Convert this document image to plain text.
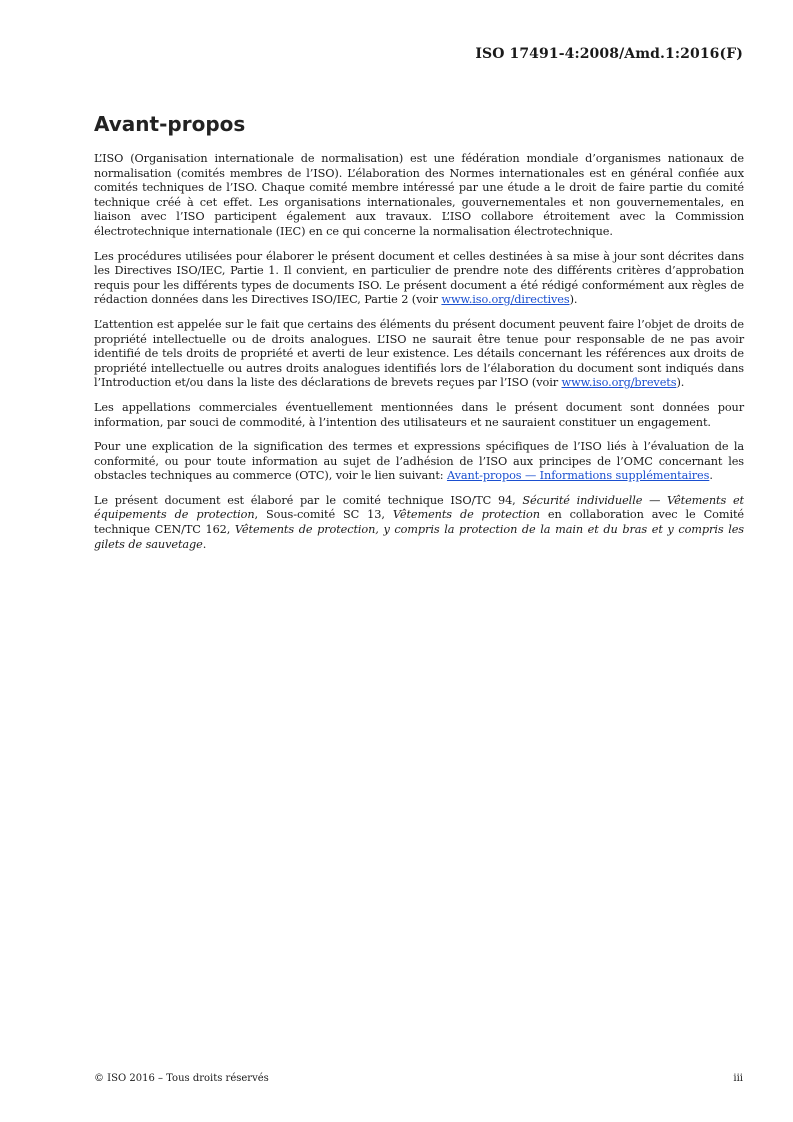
ISO 17491-4:2008/Amd.1:2016(F)
Avant-propos

L’ISO (Organisation internationale de normalisation) est une fédération mondiale d’organismes nationaux de normalisation (comités membres de l’ISO). L’élaboration des Normes internationales est en général confiée aux comités techniques de l’ISO. Chaque comité membre intéressé par une étude a le droit de faire partie du comité technique créé à cet effet. Les organisations internationales, gouvernementales et non gouvernementales, en liaison avec l’ISO participent également aux travaux. L’ISO collabore étroitement avec la Commission électrotechnique internationale (IEC) en ce qui concerne la normalisation électrotechnique.

Les procédures utilisées pour élaborer le présent document et celles destinées à sa mise à jour sont décrites dans les Directives ISO/IEC, Partie 1. Il convient, en particulier de prendre note des différents critères d’approbation requis pour les différents types de documents ISO. Le présent document a été rédigé conformément aux règles de rédaction données dans les Directives ISO/IEC, Partie 2 (voir www.iso.org/directives).

L’attention est appelée sur le fait que certains des éléments du présent document peuvent faire l’objet de droits de propriété intellectuelle ou de droits analogues. L’ISO ne saurait être tenue pour responsable de ne pas avoir identifié de tels droits de propriété et averti de leur existence. Les détails concernant les références aux droits de propriété intellectuelle ou autres droits analogues identifiés lors de l’élaboration du document sont indiqués dans l’Introduction et/ou dans la liste des déclarations de brevets reçues par l’ISO (voir www.iso.org/brevets).

Les appellations commerciales éventuellement mentionnées dans le présent document sont données pour information, par souci de commodité, à l’intention des utilisateurs et ne sauraient constituer un engagement.

Pour une explication de la signification des termes et expressions spécifiques de l’ISO liés à l’évaluation de la conformité, ou pour toute information au sujet de l’adhésion de l’ISO aux principes de l’OMC concernant les obstacles techniques au commerce (OTC), voir le lien suivant: Avant-propos — Informations supplémentaires.

Le présent document est élaboré par le comité technique ISO/TC 94, Sécurité individuelle — Vêtements et équipements de protection, Sous-comité SC 13, Vêtements de protection en collaboration avec le Comité technique CEN/TC 162, Vêtements de protection, y compris la protection de la main et du bras et y compris les gilets de sauvetage.

© ISO 2016 – Tous droits réservés	iii
